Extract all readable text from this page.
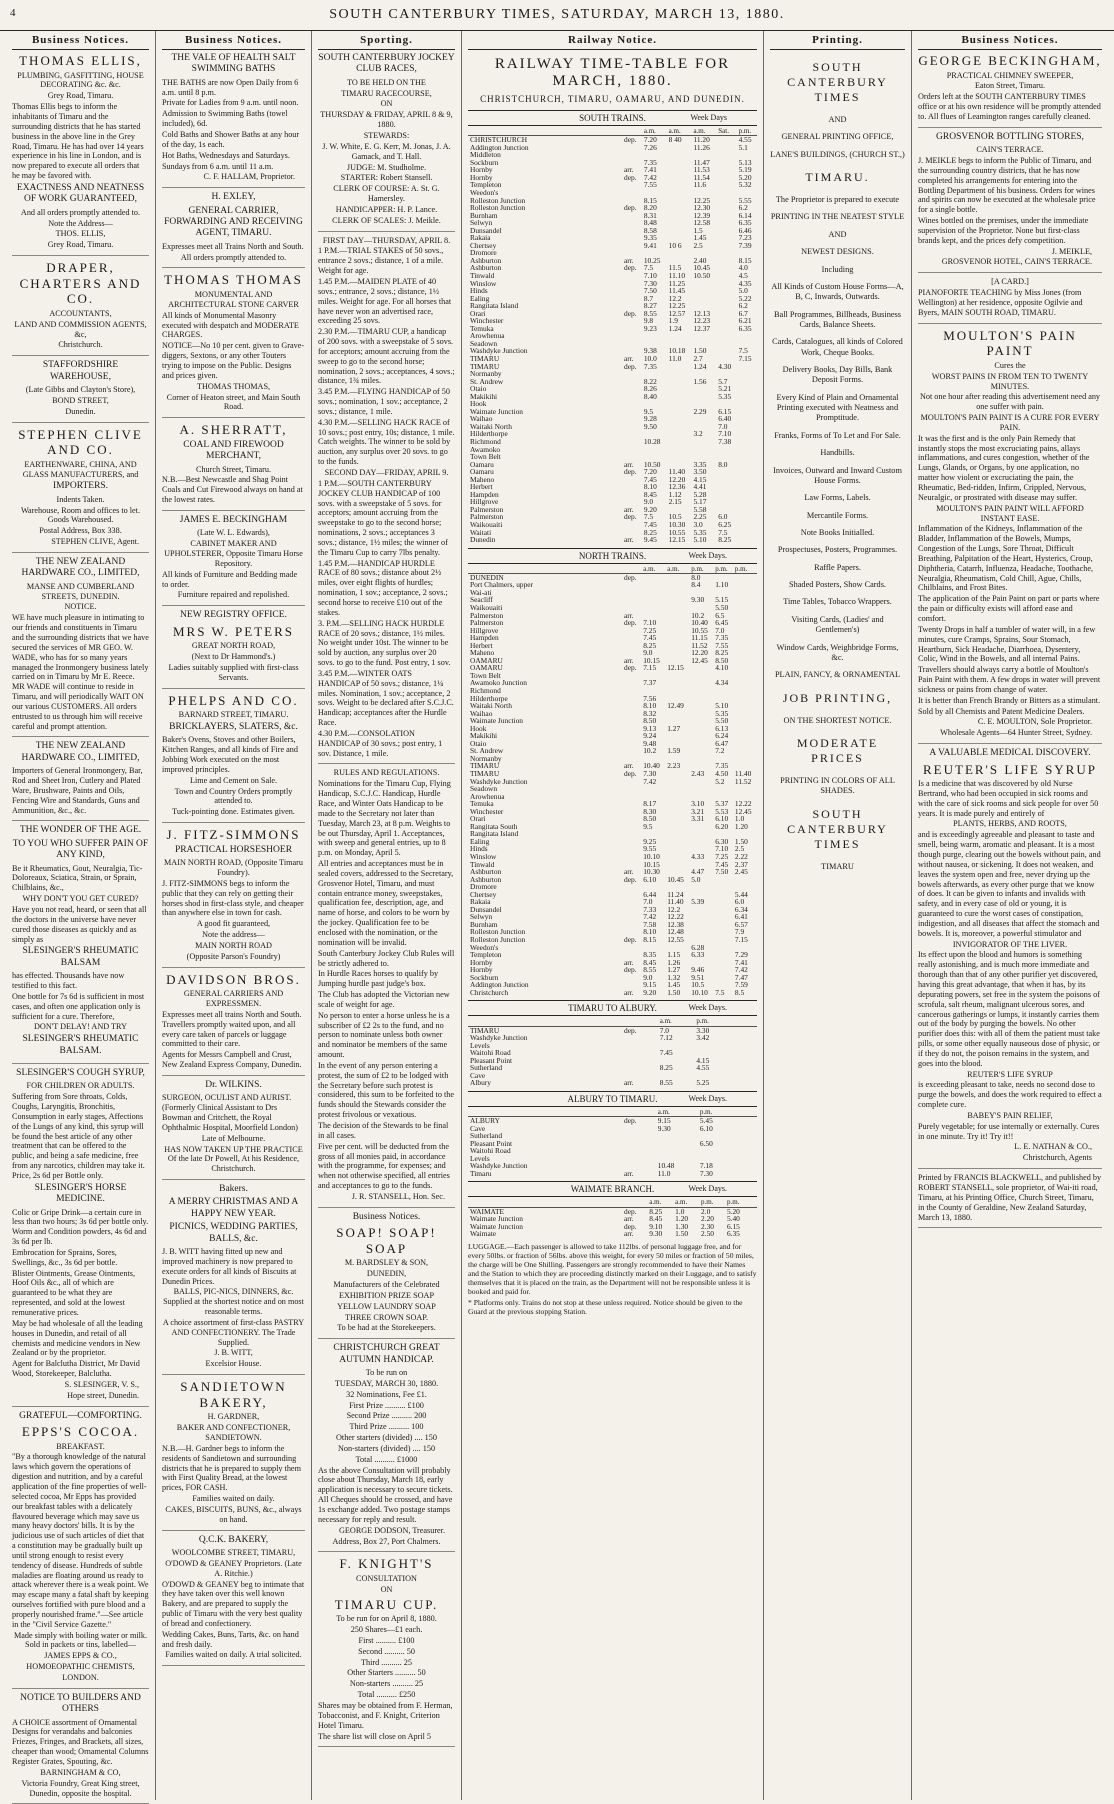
4	SOUTH CANTERBURY TIMES, SATURDAY, MARCH 13, 1880.
Business Notices.

THOMAS ELLIS,

PLUMBING, GASFITTING, HOUSE DECORATING &c. &c.

Grey Road, Timaru.

Thomas Ellis begs to inform the inhabitants of Timaru and the surrounding districts that he has started business in the above line in the Grey Road, Timaru. He has had over 14 years experience in his line in London, and is now prepared to execute all orders that he may be favored with.

EXACTNESS AND NEATNESS OF WORK GUARANTEED,

And all orders promptly attended to.

Note the Address—

THOS. ELLIS,

Grey Road, Timaru.

DRAPER, CHARTERS AND CO.

ACCOUNTANTS,

LAND AND COMMISSION AGENTS, &c,

Christchurch.

STAFFORDSHIRE WAREHOUSE,

(Late Gibbs and Clayton's Store),

BOND STREET,

Dunedin.

STEPHEN CLIVE AND CO.

EARTHENWARE, CHINA, AND GLASS MANUFACTURERS, and

IMPORTERS.

Indents Taken.

Warehouse, Room and offices to let. Goods Warehoused.

Postal Address, Box 338.

STEPHEN CLIVE, Agent.

THE NEW ZEALAND HARDWARE CO., LIMITED,

MANSE AND CUMBERLAND STREETS, DUNEDIN.

NOTICE.

WE have much pleasure in intimating to our friends and constituents in Timaru and the surrounding districts that we have secured the services of MR GEO. W. WADE, who has for so many years managed the Ironmongery business lately carried on in Timaru by Mr E. Reece. MR WADE will continue to reside in Timaru, and will periodically WAIT ON our various CUSTOMERS. All orders entrusted to us through him will receive careful and prompt attention.

THE NEW ZEALAND HARDWARE CO., LIMITED,

Importers of General Ironmongery, Bar, Rod and Sheet Iron, Cutlery and Plated Ware, Brushware, Paints and Oils, Fencing Wire and Standards, Guns and Ammunition, &c., &c.

THE WONDER OF THE AGE.

TO YOU WHO SUFFER PAIN OF ANY KIND,

Be it Rheumatics, Gout, Neuralgia, Tic-Doloreaux, Sciatica, Strain, or Sprain, Chilblains, &c.,

WHY DON'T YOU GET CURED?

Have you not read, heard, or seen that all the doctors in the universe have never cured those diseases as quickly and as simply as

SLESINGER'S RHEUMATIC BALSAM

has effected. Thousands have now testified to this fact.

One bottle for 7s 6d is sufficient in most cases, and often one application only is sufficient for a cure. Therefore,

DON'T DELAY! AND TRY

SLESINGER'S RHEUMATIC BALSAM.

SLESINGER'S COUGH SYRUP,

FOR CHILDREN OR ADULTS.

Suffering from Sore throats, Colds, Coughs, Laryngitis, Bronchitis, Consumption in early stages, Affections of the Lungs of any kind, this syrup will be found the best article of any other treatment that can be offered to the public, and being a safe medicine, free from any narcotics, children may take it. Price, 2s 6d per Bottle only.

SLESINGER'S HORSE MEDICINE.

Colic or Gripe Drink—a certain cure in less than two hours; 3s 6d per bottle only. Worm and Condition powders, 4s 6d and 3s 6d per lb.

Embrocation for Sprains, Sores, Swellings, &c., 3s 6d per bottle.

Blister Ointments, Grease Ointments, Hoof Oils &c., all of which are guaranteed to be what they are represented, and sold at the lowest remunerative prices.

May be had wholesale of all the leading houses in Dunedin, and retail of all chemists and medicine vendors in New Zealand or by the proprietor.

Agent for Balclutha District, Mr David Wood, Storekeeper, Balclutha.

S. SLESINGER, V. S.,

Hope street, Dunedin.

GRATEFUL—COMFORTING.

EPPS'S COCOA.

BREAKFAST.

"By a thorough knowledge of the natural laws which govern the operations of digestion and nutrition, and by a careful application of the fine properties of well-selected cocoa, Mr Epps has provided our breakfast tables with a delicately flavoured beverage which may save us many heavy doctors' bills. It is by the judicious use of such articles of diet that a constitution may be gradually built up until strong enough to resist every tendency of disease. Hundreds of subtle maladies are floating around us ready to attack wherever there is a weak point. We may escape many a fatal shaft by keeping ourselves fortified with pure blood and a properly nourished frame."—See article in the "Civil Service Gazette."

Made simply with boiling water or milk. Sold in packets or tins, labelled—

JAMES EPPS & CO.,

HOMOEOPATHIC CHEMISTS,

LONDON.

NOTICE TO BUILDERS AND OTHERS

A CHOICE assortment of Ornamental Designs for verandahs and balconies Friezes, Fringes, and Brackets, all sizes, cheaper than wood; Ornamental Columns Register Grates, Spouting, &c.

BARNINGHAM & CO,

Victoria Foundry, Great King street, Dunedin, opposite the hospital.

Business Notices.

THE VALE OF HEALTH SALT SWIMMING BATHS

THE BATHS are now Open Daily from 6 a.m. until 8 p.m.

Private for Ladies from 9 a.m. until noon.

Admission to Swimming Baths (towel included), 6d.

Cold Baths and Shower Baths at any hour of the day, 1s each.

Hot Baths, Wednesdays and Saturdays.

Sundays from 6 a.m. until 11 a.m.

C. F. HALLAM, Proprietor.

H. EXLEY,

GENERAL CARRIER, FORWARDING AND RECEIVING AGENT, TIMARU.

Expresses meet all Trains North and South.

All orders promptly attended to.

THOMAS THOMAS

MONUMENTAL AND ARCHITECTURAL STONE CARVER

All kinds of Monumental Masonry executed with despatch and MODERATE CHARGES.

NOTICE—No 10 per cent. given to Grave-diggers, Sextons, or any other Touters trying to impose on the Public. Designs and prices given.

THOMAS THOMAS,

Corner of Heaton street, and Main South Road.

A. SHERRATT,

COAL AND FIREWOOD MERCHANT,

Church Street, Timaru.

N.B.—Best Newcastle and Shag Point Coals and Cut Firewood always on hand at the lowest rates.

JAMES E. BECKINGHAM

(Late W. L. Edwards),

CABINET MAKER AND UPHOLSTERER, Opposite Timaru Horse Repository.

All kinds of Furniture and Bedding made to order.

Furniture repaired and repolished.

NEW REGISTRY OFFICE.

MRS W. PETERS

GREAT NORTH ROAD,

(Next to Dr Hammond's.)

Ladies suitably supplied with first-class Servants.

PHELPS AND CO.

BARNARD STREET, TIMARU.

BRICKLAYERS, SLATERS, &c.

Baker's Ovens, Stoves and other Boilers, Kitchen Ranges, and all kinds of Fire and Jobbing Work executed on the most improved principles.

Lime and Cement on Sale.

Town and Country Orders promptly attended to.

Tuck-pointing done. Estimates given.

J. FITZ-SIMMONS

PRACTICAL HORSESHOER

MAIN NORTH ROAD, (Opposite Timaru Foundry).

J. FITZ-SIMMONS begs to inform the public that they can rely on getting their horses shod in first-class style, and cheaper than anywhere else in town for cash.

A good fit guaranteed,

Note the address—

MAIN NORTH ROAD

(Opposite Parson's Foundry)

DAVIDSON BROS.

GENERAL CARRIERS AND EXPRESSMEN.

Expresses meet all trains North and South. Travellers promptly waited upon, and all every care taken of parcels or luggage committed to their care.

Agents for Messrs Campbell and Crust, New Zealand Express Company, Dunedin.

Dr. WILKINS.

SURGEON, OCULIST AND AURIST. (Formerly Clinical Assistant to Drs Bowman and Critchett, the Royal Ophthalmic Hospital, Moorfield London)

Late of Melbourne.

HAS NOW TAKEN UP THE PRACTICE Of the late Dr Powell, At his Residence, Christchurch.

Bakers.

A MERRY CHRISTMAS AND A HAPPY NEW YEAR.

PICNICS, WEDDING PARTIES, BALLS, &c.

J. B. WITT having fitted up new and improved machinery is now prepared to execute orders for all kinds of Biscuits at Dunedin Prices.

BALLS, PIC-NICS, DINNERS, &c. Supplied at the shortest notice and on most reasonable terms.

A choice assortment of first-class PASTRY AND CONFECTIONERY. The Trade Supplied.

J. B. WITT,

Excelsior House.

SANDIETOWN BAKERY,

H. GARDNER,

BAKER AND CONFECTIONER, SANDIETOWN.

N.B.—H. Gardner begs to inform the residents of Sandietown and surrounding districts that he is prepared to supply them with First Quality Bread, at the lowest prices, FOR CASH.

Families waited on daily.

CAKES, BISCUITS, BUNS, &c., always on hand.

Q.C.K. BAKERY,

WOOLCOMBE STREET, TIMARU,

O'DOWD & GEANEY Proprietors. (Late A. Ritchie.)

O'DOWD & GEANEY beg to intimate that they have taken over this well known Bakery, and are prepared to supply the public of Timaru with the very best quality of bread and confectionery.

Wedding Cakes, Buns, Tarts, &c. on hand and fresh daily.

Families waited on daily. A trial solicited.

Sporting.

SOUTH CANTERBURY JOCKEY CLUB RACES,

TO BE HELD ON THE

TIMARU RACECOURSE,

ON

THURSDAY & FRIDAY, APRIL 8 & 9, 1880.

STEWARDS:

J. W. White, E. G. Kerr, M. Jonas, J. A. Gamack, and T. Hall.

JUDGE: M. Studholme.

STARTER: Robert Stansell.

CLERK OF COURSE: A. St. G. Hamersley.

HANDICAPPER: H. P. Lance.

CLERK OF SCALES: J. Meikle.

FIRST DAY—THURSDAY, APRIL 8.

1 P.M.—TRIAL STAKES of 50 sovs., entrance 2 sovs.; distance, 1 of a mile. Weight for age.

1.45 P.M.—MAIDEN PLATE of 40 sovs.; entrance, 2 sovs.; distance, 1½ miles. Weight for age. For all horses that have never won an advertised race, exceeding 25 sovs.

2.30 P.M.—TIMARU CUP, a handicap of 200 sovs. with a sweepstake of 5 sovs. for acceptors; amount accruing from the sweep to go to the second horse; nomination, 2 sovs.; acceptances, 4 sovs.; distance, 1¾ miles.

3.45 P.M.—FLYING HANDICAP of 50 sovs.; nomination, 1 sov.; acceptance, 2 sovs.; distance, 1 mile.

4.30 P.M.—SELLING HACK RACE of 10 sovs.; post entry, 10s; distance, 1 mile. Catch weights. The winner to be sold by auction, any surplus over 20 sovs. to go to the funds.

SECOND DAY—FRIDAY, APRIL 9.

1 P.M.—SOUTH CANTERBURY JOCKEY CLUB HANDICAP of 100 sovs. with a sweepstake of 5 sovs. for acceptors; amount accruing from the sweepstake to go to the second horse; nominations, 2 sovs.; acceptances 3 sovs.; distance, 1½ miles; the winner of the Timaru Cup to carry 7lbs penalty.

1.45 P.M.—HANDICAP HURDLE RACE of 80 sovs.; distance about 2½ miles, over eight flights of hurdles; nomination, 1 sov.; acceptance, 2 sovs.; second horse to receive £10 out of the stakes.

3. P.M.—SELLING HACK HURDLE RACE of 20 sovs.; distance, 1½ miles. No weight under 10st. The winner to be sold by auction, any surplus over 20 sovs. to go to the fund. Post entry, 1 sov.

3.45 P.M.—WINTER OATS HANDICAP of 50 sovs.; distance, 1¼ miles. Nomination, 1 sov.; acceptance, 2 sovs. Weight to be declared after S.C.J.C. Handicap; acceptances after the Hurdle Race.

4.30 P.M.—CONSOLATION HANDICAP of 30 sovs.; post entry, 1 sov. Distance, 1 mile.

RULES AND REGULATIONS.

Nominations for the Timaru Cup, Flying Handicap, S.C.J.C. Handicap, Hurdle Race, and Winter Oats Handicap to be made to the Secretary not later than Tuesday, March 23, at 8 p.m. Weights to be out Thursday, April 1. Acceptances, with sweep and general entries, up to 8 p.m. on Monday, April 5.

All entries and acceptances must be in sealed covers, addressed to the Secretary, Grosvenor Hotel, Timaru, and must contain entrance money, sweepstakes, qualification fee, description, age, and name of horse, and colors to be worn by the jockey. Qualification fee to be enclosed with the nomination, or the nomination will be invalid.

South Canterbury Jockey Club Rules will be strictly adhered to.

In Hurdle Races horses to qualify by Jumping hurdle past judge's box.

The Club has adopted the Victorian new scale of weight for age.

No person to enter a horse unless he is a subscriber of £2 2s to the fund, and no person to nominate unless both owner and nominator be members of the same amount.

In the event of any person entering a protest, the sum of £2 to be lodged with the Secretary before such protest is considered, this sum to be forfeited to the funds should the Stewards consider the protest frivolous or vexatious.

The decision of the Stewards to be final in all cases.

Five per cent. will be deducted from the gross of all monies paid, in accordance with the programme, for expenses; and when not otherwise specified, all entries and acceptances to go to the funds.

J. R. STANSELL, Hon. Sec.

Business Notices.

SOAP! SOAP! SOAP

M. BARDSLEY & SON,

DUNEDIN,

Manufacturers of the Celebrated

EXHIBITION PRIZE SOAP

YELLOW LAUNDRY SOAP

THREE CROWN SOAP.

To be had at the Storekeepers.

CHRISTCHURCH GREAT AUTUMN HANDICAP.

To be run on

TUESDAY, MARCH 30, 1880.

32 Nominations, Fee £1.

First Prize .......... £100

Second Prize .......... 200

Third Prize .......... 100

Other starters (divided) .... 150

Non-starters (divided) .... 150

Total .......... £1000

As the above Consultation will probably close about Thursday, March 18, early application is necessary to secure tickets. All Cheques should be crossed, and have 1s exchange added. Two postage stamps necessary for reply and result.

GEORGE DODSON, Treasurer.

Address, Box 27, Port Chalmers.

F. KNIGHT'S

CONSULTATION

ON

TIMARU CUP.

To be run for on April 8, 1880.

250 Shares—£1 each.

First .......... £100

Second .......... 50

Third .......... 25

Other Starters .......... 50

Non-starters .......... 25

Total .......... £250

Shares may be obtained from F. Herman, Tobacconist, and F. Knight, Criterion Hotel Timaru.

The share list will close on April 5

Railway Notice.
RAILWAY TIME-TABLE FOR MARCH, 1880.
CHRISTCHURCH, TIMARU, OAMARU, AND DUNEDIN.
SOUTH TRAINS.	Week Days
		a.m.	a.m.	a.m.	Sat.	p.m.
CHRISTCHURCH	dep.	7.20	8 40	11.20		4.55
Addington Junction		7.26		11.26		5.1
Middleton						
Sockburn		7.35		11.47		5.13
Hornby	arr.	7.41		11.53		5.19
Hornby	dep.	7.42		11.54		5.20
Templeton		7.55		11.6		5.32
Weedon's						
Rolleston Junction		8.15		12.25		5.55
Rolleston Junction	dep.	8.20		12.30		6.2
Burnham		8.31		12.39		6.14
Selwyn		8.48		12.58		6.35
Dunsandel		8.58		1.5		6.46
Rakaia		9.35		1.45		7.23
Chertsey		9.41	10 6	2.5		7.39
Dromore						
Ashburton	arr.	10.25		2.40		8.15
Ashburton	dep.	7.5	11.5	10.45		4.0
Tinwald		7.10	11.10	10.50		4.5
Winslow		7.30	11.25			4.35
Hinds		7.50	11.45			5.0
Ealing		8.7	12.2			5.22
Rangitata Island		8.27	12.25			6.2
Orari	dep.	8.55	12.57	12.13		6.7
Winchester		9.8	1.9	12.23		6.21
Temuka		9.23	1.24	12.37		6.35
Arowhenua						
Seadown						
Washdyke Junction		9.38	10.18	1.50		7.5
TIMARU	arr.	10.0	11.0	2.7		7.15
TIMARU	dep.	7.35		1.24	4.30	
Normanby						
St. Andrew		8.22		1.56	5.7	
Otaio		8.26			5.21	
Makikihi		8.40			5.35	
Hook						
Waimate Junction		9.5		2.29	6.15	
Waihao		9.28			6.40	
Waitaki North		9.50			7.0	
Hilderthorpe				3.2	7.10	
Richmond		10.28			7.38	
Awamoko						
Town Belt						
Oamaru	arr.	10.50		3.35	8.0	
Oamaru	dep.	7.20	11.40	3.50		
Maheno		7.45	12.20	4.15		
Herbert		8.10	12.36	4.41		
Hampden		8.45	1.12	5.28		
Hillgrove		9.0	2.15	5.17		
Palmerston	arr.	9.20		5.58		
Palmerston	dep.	7.5	10.5	2.25	6.0	
Waikouaiti		7.45	10.30	3.0	6.25	
Waitati		8.25	10.55	5.35	7.5	
Dunedin	arr.	9.45	12.15	5.10	8.25	
NORTH TRAINS.	Week Days.
		a.m.	a.m.	p.m.	p.m.	p.m.
DUNEDIN	dep.			8.0		
Port Chalmers, upper				8.4	1.10	
Wai-ati						
Seacliff				9.30	5.15	
Waikouaiti					5.50	
Palmerston	arr.			10.2	6.5	
Palmerston	dep.	7.10		10.40	6.45	
Hillgrove		7.25		10.55	7.0	
Hampden		7.45		11.15	7.35	
Herbert		8.25		11.52	7.55	
Maheno		9.0		12.20	8.25	
OAMARU	arr.	10.15		12.45	8.50	
OAMARU	dep.	7.15	12.15		4.10	
Town Belt						
Awamoko Junction		7.37			4.34	
Richmond						
Hilderthorpe		7.56				
Waitaki North		8.10	12.49		5.10	
Waihao		8.32			5.35	
Waimate Junction		8.50			5.50	
Hook		9.13	1.27		6.13	
Makikihi		9.24			6.24	
Otaio		9.48			6.47	
St. Andrew		10.2	1.59		7.2	
Normanby						
TIMARU	arr.	10.40	2.23		7.35	
TIMARU	dep.	7.30		2.43	4.50	11.40
Washdyke Junction		7.42			5.2	11.52
Seadown						
Arowhenua						
Temuka		8.17		3.10	5.37	12.22
Winchester		8.30		3.21	5.53	12.45
Orari		8.50		3.31	6.10	1.0
Rangitata South		9.5			6.20	1.20
Rangitata Island						
Ealing		9.25			6.30	1.50
Hinds		9.55			7.10	2.5
Winslow		10.10		4.33	7.25	2.22
Tinwald		10.15			7.45	2.37
Ashburton	arr.	10.30		4.47	7.50	2.45
Ashburton	dep.	6.10	10.45	5.0		
Dromore						
Chertsey		6.44	11.24			5.44
Rakaia		7.0	11.40	5.39		6.0
Dunsandel		7.33	12.2			6.34
Selwyn		7.42	12.22			6.41
Burnham		7.58	12.38			6.57
Rolleston Junction		8.10	12.48			7.9
Rolleston Junction	dep.	8.15	12.55			7.15
Weedon's				6.28		
Templeton		8.35	1.15	6.33		7.29
Hornby	arr.	8.45	1.26			7.41
Hornby	dep.	8.55	1.27	9.46		7.42
Sockburn		9.0	1.32	9.51		7.47
Addington Junction		9.15	1.45	10.5		7.59
Christchurch	arr.	9.20	1.50	10.10	7.5	8.5
TIMARU TO ALBURY.	Week Days.
		a.m.	p.m.			
TIMARU	dep.	7.0	3.30			
Washdyke Junction		7.12	3.42			
Levels						
Waitohi Road		7.45				
Pleasant Point			4.15			
Sutherland		8.25	4.55			
Cave						
Albury	arr.	8.55	5.25			
ALBURY TO TIMARU.	Week Days.
		a.m.	p.m.			
ALBURY	dep.	9.15	5.45			
Cave		9.30	6.10			
Sutherland						
Pleasant Point			6.50			
Waitohi Road						
Levels						
Washdyke Junction		10.48	7.18			
Timaru	arr.	11.0	7.30			
WAIMATE BRANCH.	Week Days.
		a.m.	a.m.	p.m.	p.m.	
WAIMATE	dep.	8.25	1.0	2.0	5.20	
Waimate Junction	arr.	8.45	1.20	2.20	5.40	
Waimate Junction	dep.	9.10	1.30	2.30	6.15	
Waimate	arr.	9.30	1.50	2.50	6.35	

LUGGAGE.—Each passenger is allowed to take 112lbs. of personal luggage free, and for every 50lbs. or fraction of 56lbs. above this weight, for every 50 miles or fraction of 50 miles, the charge will be One Shilling. Passengers are strongly recommended to have their Names and the Station to which they are proceeding distinctly marked on their Luggage, and to satisfy themselves that it is placed on the train, as the Department will not be responsible unless it is booked and paid for.

* Platforms only. Trains do not stop at these unless required. Notice should be given to the Guard at the previous stopping Station.

Printing.

SOUTH CANTERBURY TIMES

AND

GENERAL PRINTING OFFICE,

LANE'S BUILDINGS, (CHURCH ST.,)

TIMARU.

The Proprietor is prepared to execute

PRINTING IN THE NEATEST STYLE

AND

NEWEST DESIGNS.

Including

All Kinds of Custom House Forms—A, B, C, Inwards, Outwards.

Ball Programmes, Billheads, Business Cards, Balance Sheets.

Cards, Catalogues, all kinds of Colored Work, Cheque Books.

Delivery Books, Day Bills, Bank Deposit Forms.

Every Kind of Plain and Ornamental Printing executed with Neatness and Promptitude.

Franks, Forms of To Let and For Sale.

Handbills.

Invoices, Outward and Inward Custom House Forms.

Law Forms, Labels.

Mercantile Forms.

Note Books Initialled.

Prospectuses, Posters, Programmes.

Raffle Papers.

Shaded Posters, Show Cards.

Time Tables, Tobacco Wrappers.

Visiting Cards, (Ladies' and Gentlemen's)

Window Cards, Weighbridge Forms, &c.

PLAIN, FANCY, & ORNAMENTAL

JOB PRINTING,

ON THE SHORTEST NOTICE.

MODERATE PRICES

PRINTING IN COLORS OF ALL SHADES.

SOUTH CANTERBURY TIMES

TIMARU

Business Notices.

GEORGE BECKINGHAM,

PRACTICAL CHIMNEY SWEEPER,

Eaton Street, Timaru.

Orders left at the SOUTH CANTERBURY TIMES office or at his own residence will be promptly attended to. All flues of Leamington ranges carefully cleaned.

GROSVENOR BOTTLING STORES,

CAIN'S TERRACE.

J. MEIKLE begs to inform the Public of Timaru, and the surrounding country districts, that he has now completed his arrangements for entering into the Bottling Department of his business. Orders for wines and spirits can now be executed at the wholesale price for a single bottle.

Wines bottled on the premises, under the immediate supervision of the Proprietor. None but first-class brands kept, and the prices defy competition.

J. MEIKLE,

GROSVENOR HOTEL, CAIN'S TERRACE.

[A CARD.]

PIANOFORTE TEACHING by Miss Jones (from Wellington) at her residence, opposite Ogilvie and Byers, MAIN SOUTH ROAD, TIMARU.

MOULTON'S PAIN PAINT

Cures the

WORST PAINS IN FROM TEN TO TWENTY MINUTES.

Not one hour after reading this advertisement need any one suffer with pain.

MOULTON'S PAIN PAINT IS A CURE FOR EVERY PAIN.

It was the first and is the only Pain Remedy that instantly stops the most excruciating pains, allays inflammations, and cures congestion, whether of the Lungs, Glands, or Organs, by one application, no matter how violent or excruciating the pain, the Rheumatic, Bed-ridden, Infirm, Crippled, Nervous, Neuralgic, or prostrated with disease may suffer.

MOULTON'S PAIN PAINT WILL AFFORD INSTANT EASE.

Inflammation of the Kidneys, Inflammation of the Bladder, Inflammation of the Bowels, Mumps, Congestion of the Lungs, Sore Throat, Difficult Breathing, Palpitation of the Heart, Hysterics, Croup, Diphtheria, Catarrh, Influenza, Headache, Toothache, Neuralgia, Rheumatism, Cold Chill, Ague, Chills, Chilblains, and Frost Bites.

The application of the Pain Paint on part or parts where the pain or difficulty exists will afford ease and comfort.

Twenty Drops in half a tumbler of water will, in a few minutes, cure Cramps, Sprains, Sour Stomach, Heartburn, Sick Headache, Diarrhoea, Dysentery, Colic, Wind in the Bowels, and all internal Pains.

Travellers should always carry a bottle of Moulton's Pain Paint with them. A few drops in water will prevent sickness or pains from change of water.

It is better than French Brandy or Bitters as a stimulant.

Sold by all Chemists and Patent Medicine Dealers.

C. E. MOULTON, Sole Proprietor.

Wholesale Agents—64 Hunter Street, Sydney.

A VALUABLE MEDICAL DISCOVERY.

REUTER'S LIFE SYRUP

Is a medicine that was discovered by old Nurse Bertrand, who had been occupied in sick rooms and with the care of sick rooms and sick people for over 50 years. It is made purely and entirely of

PLANTS, HERBS, AND ROOTS,

and is exceedingly agreeable and pleasant to taste and smell, being warm, aromatic and pleasant. It is a most though purge, clearing out the bowels without pain, and without nausea, or sickening. It does not weaken, and leaves the system open and free, never drying up the bowels afterwards, as every other purge that we know of does. It can be given to infants and invalids with safety, and in every case of old or young, it is guaranteed to cure the worst cases of constipation, indigestion, and all diseases that affect the stomach and bowels. It is, moreover, a powerful stimulator and

INVIGORATOR OF THE LIVER.

Its effect upon the blood and humors is something really astonishing, and is much more immediate and thorough than that of any other purifier yet discovered, having this great advantage, that when it has, by its depurating powers, set free in the system the poisons of scrofula, salt rheum, malignant ulcerous sores, and cancerous gatherings or lumps, it instantly carries them out of the body by purging the bowels. No other purifier does this: with all of them the patient must take pills, or some other equally nauseous dose of physic, or if they do not, the poison remains in the system, and goes into the blood.

REUTER'S LIFE SYRUP

is exceeding pleasant to take, needs no second dose to purge the bowels, and does the work required to effect a complete cure.

BABEY'S PAIN RELIEF,

Purely vegetable; for use internally or externally. Cures in one minute. Try it! Try it!!

L. E. NATHAN & CO.,

Christchurch, Agents

Printed by FRANCIS BLACKWELL, and published by ROBERT STANSELL, sole proprietor, of Wai-iti road, Timaru, at his Printing Office, Church Street, Timaru, in the County of Geraldine, New Zealand Saturday, March 13, 1880.
